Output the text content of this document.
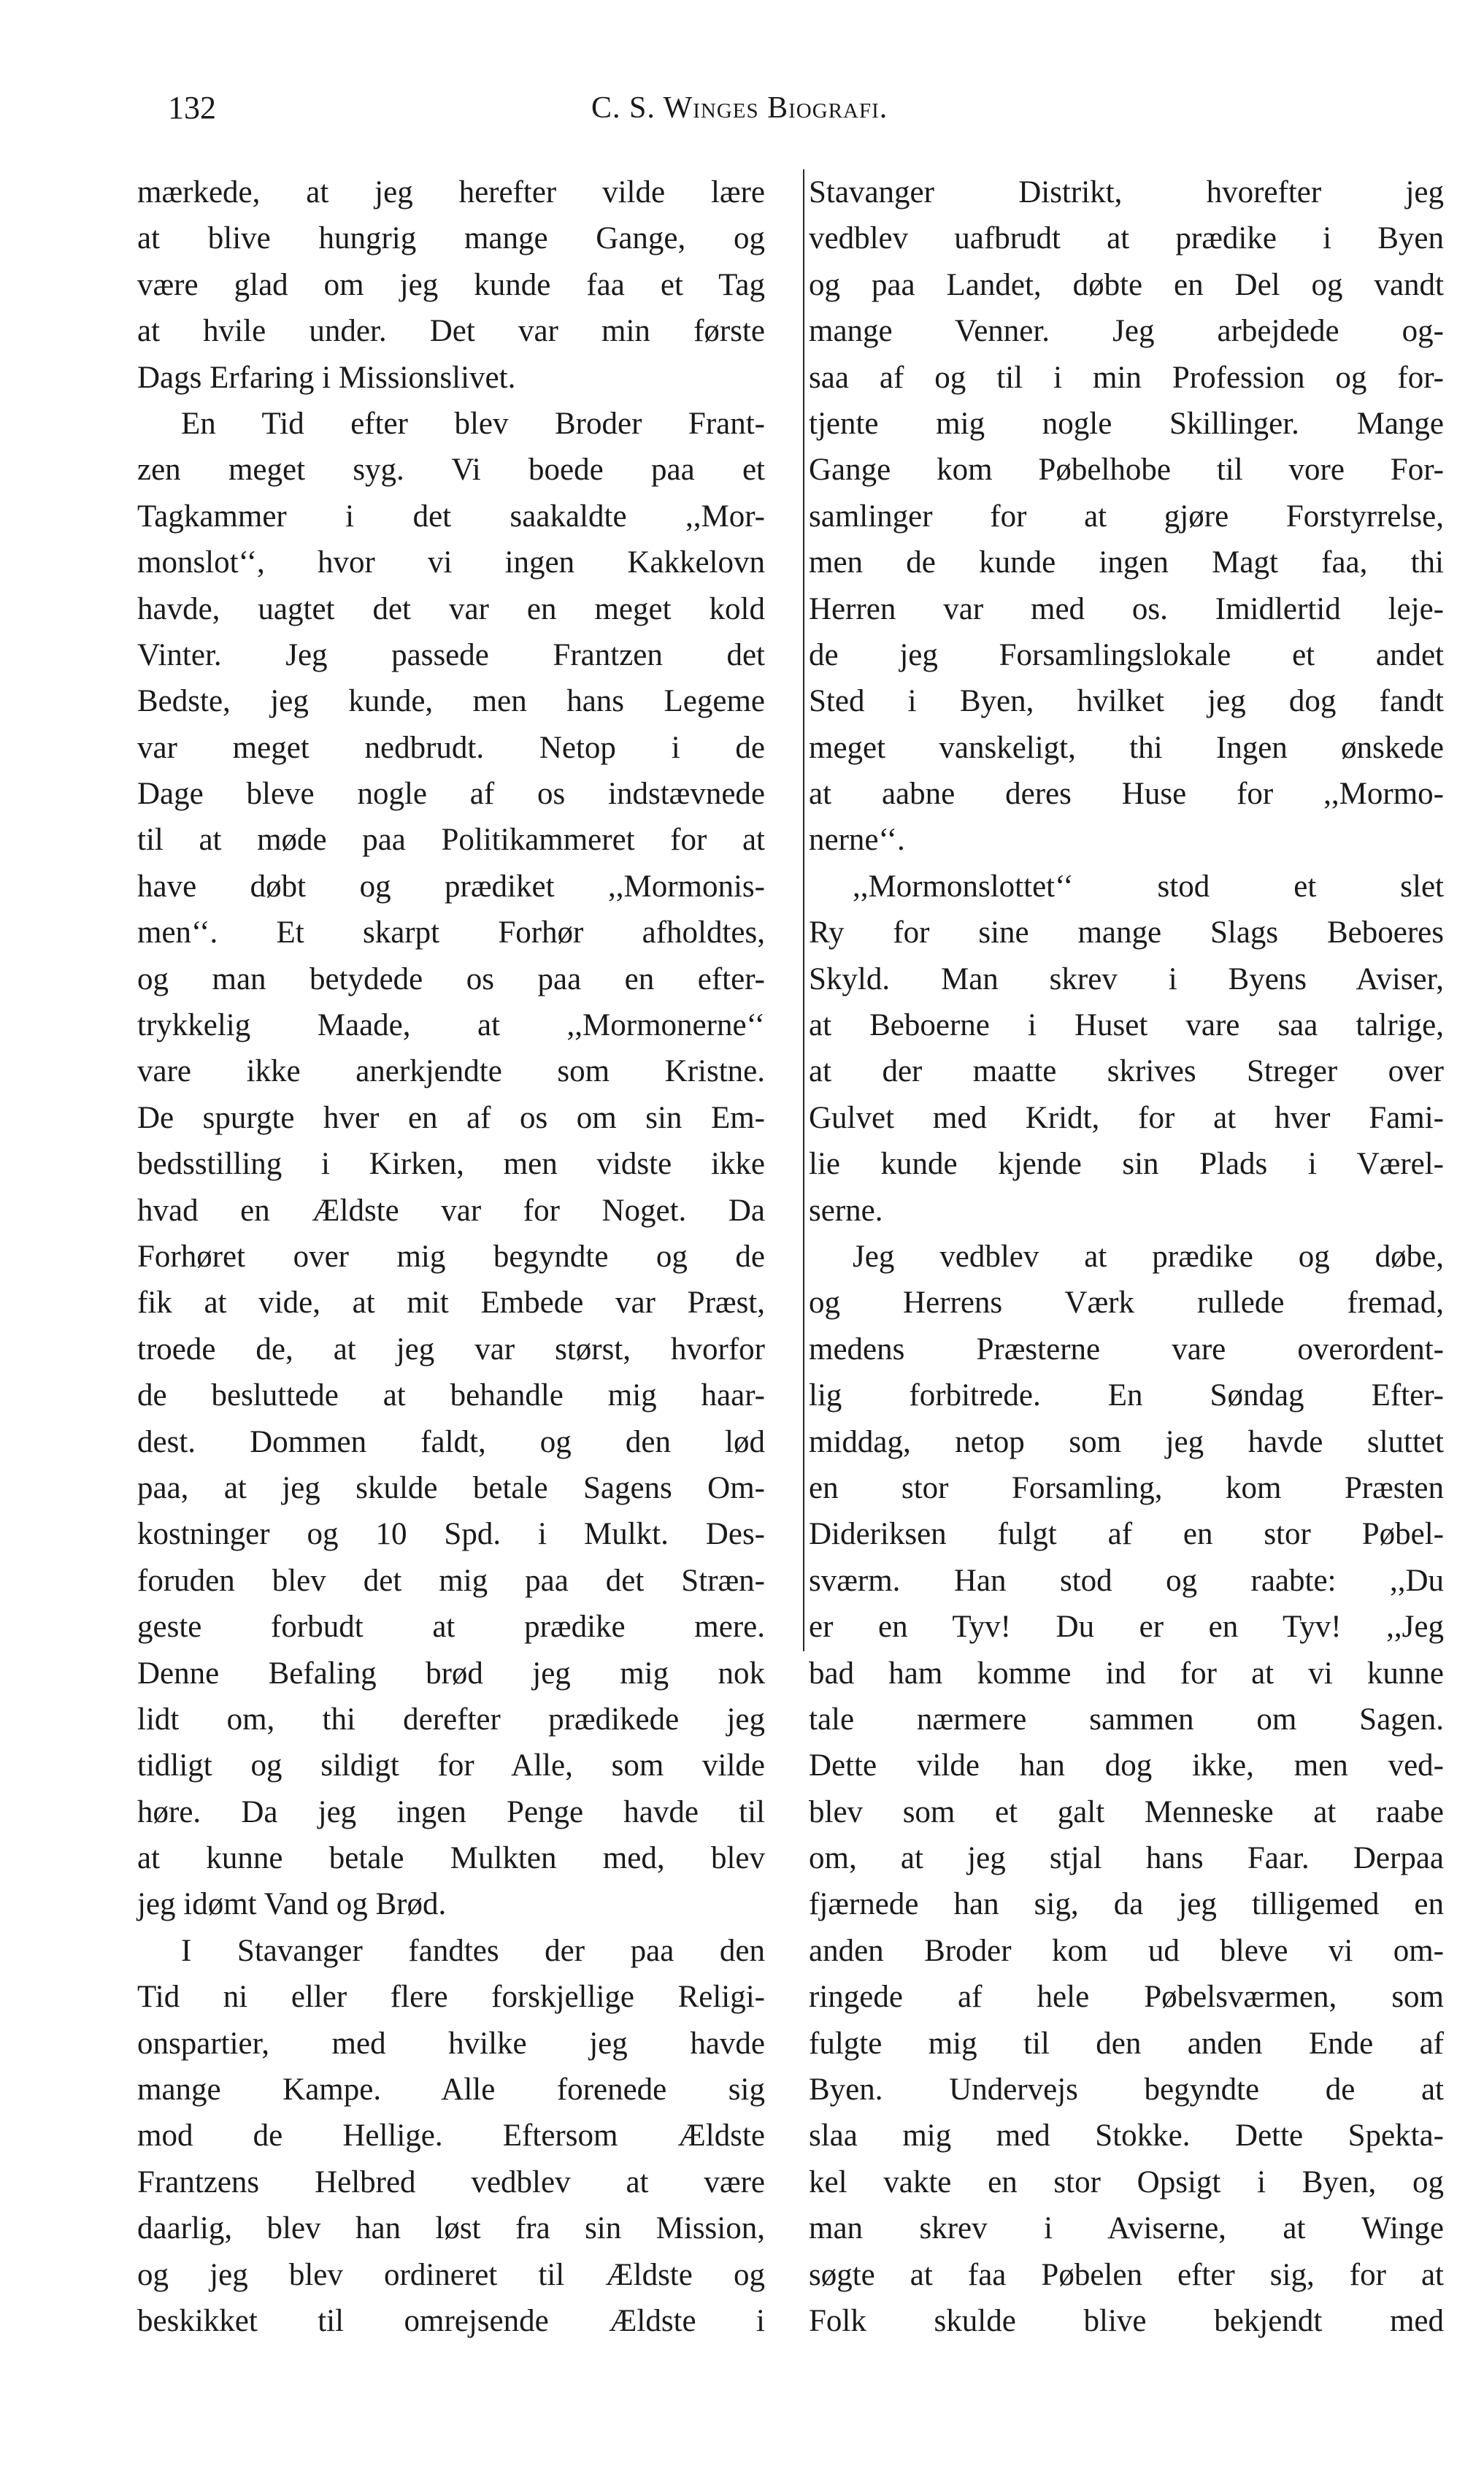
132	C. S. Winges Biografi.
mærkede, at jeg herefter vilde lære
at blive hungrig mange Gange, og
være glad om jeg kunde faa et Tag
at hvile under. Det var min første
Dags Erfaring i Missionslivet.
En Tid efter blev Broder Frant-
zen meget syg. Vi boede paa et
Tagkammer i det saakaldte ,,Mor-
monslot‘‘, hvor vi ingen Kakkelovn
havde, uagtet det var en meget kold
Vinter. Jeg passede Frantzen det
Bedste, jeg kunde, men hans Legeme
var meget nedbrudt. Netop i de
Dage bleve nogle af os indstævnede
til at møde paa Politikammeret for at
have døbt og prædiket ,,Mormonis-
men‘‘. Et skarpt Forhør afholdtes,
og man betydede os paa en efter-
trykkelig Maade, at ,,Mormonerne‘‘
vare ikke anerkjendte som Kristne.
De spurgte hver en af os om sin Em-
bedsstilling i Kirken, men vidste ikke
hvad en Ældste var for Noget. Da
Forhøret over mig begyndte og de
fik at vide, at mit Embede var Præst,
troede de, at jeg var størst, hvorfor
de besluttede at behandle mig haar-
dest. Dommen faldt, og den lød
paa, at jeg skulde betale Sagens Om-
kostninger og 10 Spd. i Mulkt. Des-
foruden blev det mig paa det Stræn-
geste forbudt at prædike mere.
Denne Befaling brød jeg mig nok
lidt om, thi derefter prædikede jeg
tidligt og sildigt for Alle, som vilde
høre. Da jeg ingen Penge havde til
at kunne betale Mulkten med, blev
jeg idømt Vand og Brød.
I Stavanger fandtes der paa den
Tid ni eller flere forskjellige Religi-
onspartier, med hvilke jeg havde
mange Kampe. Alle forenede sig
mod de Hellige. Eftersom Ældste
Frantzens Helbred vedblev at være
daarlig, blev han løst fra sin Mission,
og jeg blev ordineret til Ældste og
beskikket til omrejsende Ældste i
Stavanger Distrikt, hvorefter jeg
vedblev uafbrudt at prædike i Byen
og paa Landet, døbte en Del og vandt
mange Venner. Jeg arbejdede og-
saa af og til i min Profession og for-
tjente mig nogle Skillinger. Mange
Gange kom Pøbelhobe til vore For-
samlinger for at gjøre Forstyrrelse,
men de kunde ingen Magt faa, thi
Herren var med os. Imidlertid leje-
de jeg Forsamlingslokale et andet
Sted i Byen, hvilket jeg dog fandt
meget vanskeligt, thi Ingen ønskede
at aabne deres Huse for ,,Mormo-
nerne‘‘.
,,Mormonslottet‘‘ stod et slet
Ry for sine mange Slags Beboeres
Skyld. Man skrev i Byens Aviser,
at Beboerne i Huset vare saa talrige,
at der maatte skrives Streger over
Gulvet med Kridt, for at hver Fami-
lie kunde kjende sin Plads i Værel-
serne.
Jeg vedblev at prædike og døbe,
og Herrens Værk rullede fremad,
medens Præsterne vare overordent-
lig forbitrede. En Søndag Efter-
middag, netop som jeg havde sluttet
en stor Forsamling, kom Præsten
Dideriksen fulgt af en stor Pøbel-
sværm. Han stod og raabte: ,,Du
er en Tyv! Du er en Tyv! ,,Jeg
bad ham komme ind for at vi kunne
tale nærmere sammen om Sagen.
Dette vilde han dog ikke, men ved-
blev som et galt Menneske at raabe
om, at jeg stjal hans Faar. Derpaa
fjærnede han sig, da jeg tilligemed en
anden Broder kom ud bleve vi om-
ringede af hele Pøbelsværmen, som
fulgte mig til den anden Ende af
Byen. Undervejs begyndte de at
slaa mig med Stokke. Dette Spekta-
kel vakte en stor Opsigt i Byen, og
man skrev i Aviserne, at Winge
søgte at faa Pøbelen efter sig, for at
Folk skulde blive bekjendt med
